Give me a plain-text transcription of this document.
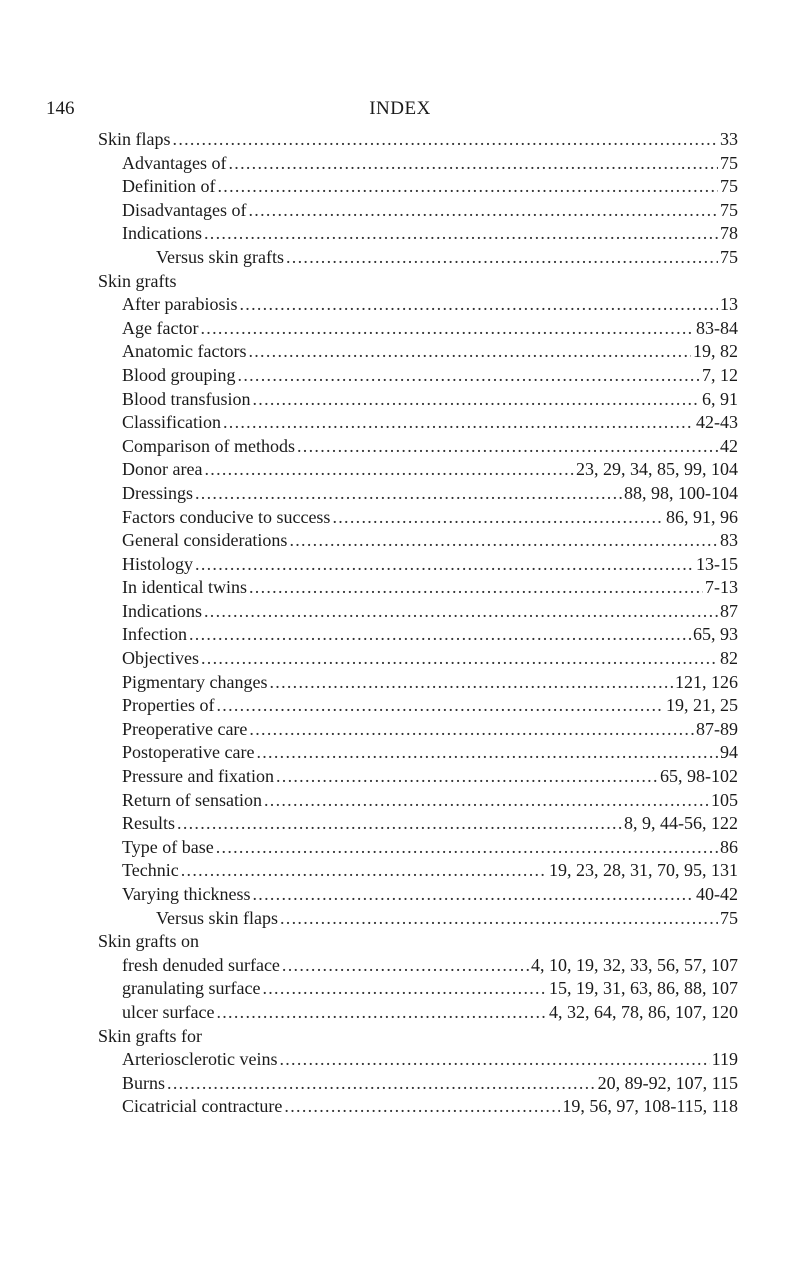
146	INDEX
Skin flaps . . .	33
Advantages of . . .	75
Definition of . . .	75
Disadvantages of . . .	75
Indications . . .	78
Versus skin grafts . . .	75
Skin grafts
After parabiosis . . .	13
Age factor . . .	83-84
Anatomic factors . . .	19, 82
Blood grouping . . .	7, 12
Blood transfusion . . .	6, 91
Classification . . .	42-43
Comparison of methods . . .	42
Donor area . . .	23, 29, 34, 85, 99, 104
Dressings . . .	88, 98, 100-104
Factors conducive to success . . .	86, 91, 96
General considerations . . .	83
Histology . . .	13-15
In identical twins . . .	7-13
Indications . . .	87
Infection . . .	65, 93
Objectives . . .	82
Pigmentary changes . . .	121, 126
Properties of . . .	19, 21, 25
Preoperative care . . .	87-89
Postoperative care . . .	94
Pressure and fixation . . .	65, 98-102
Return of sensation . . .	105
Results . . .	8, 9, 44-56, 122
Type of base . . .	86
Technic . . .	19, 23, 28, 31, 70, 95, 131
Varying thickness . . .	40-42
Versus skin flaps . . .	75
Skin grafts on
fresh denuded surface . . .	4, 10, 19, 32, 33, 56, 57, 107
granulating surface . . .	15, 19, 31, 63, 86, 88, 107
ulcer surface . . .	4, 32, 64, 78, 86, 107, 120
Skin grafts for
Arteriosclerotic veins . . .	119
Burns . . .	20, 89-92, 107, 115
Cicatricial contracture . . .	19, 56, 97, 108-115, 118
